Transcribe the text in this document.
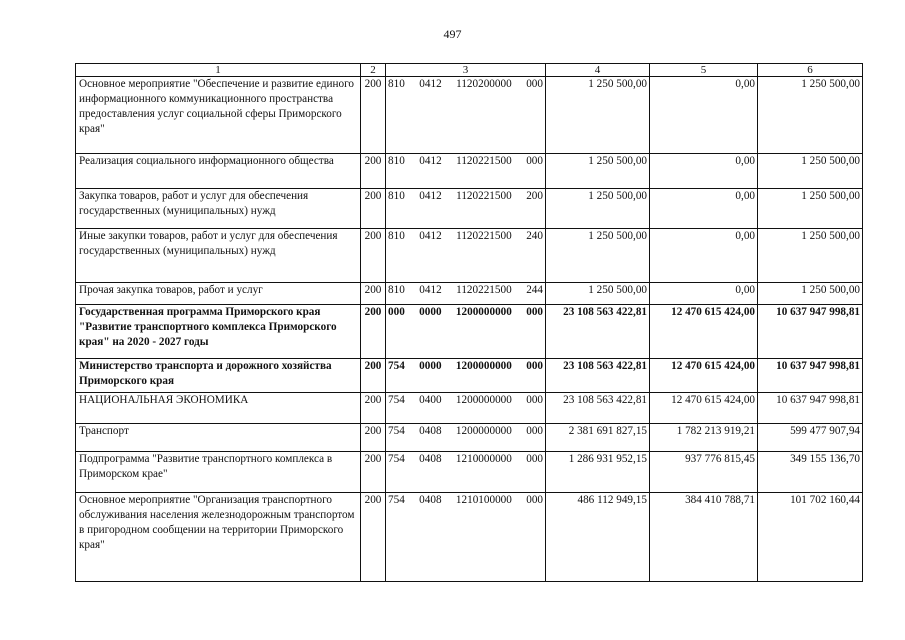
497
1	2	3	4	5	6
Основное мероприятие "Обеспечение и развитие единого информационного коммуникационного пространства предоставления услуг социальной сферы Приморского края"	200	810 0412 1120200000 000	1 250 500,00	0,00	1 250 500,00
Реализация социального информационного общества	200	810 0412 1120221500 000	1 250 500,00	0,00	1 250 500,00
Закупка товаров, работ и услуг для обеспечения государственных (муниципальных) нужд	200	810 0412 1120221500 200	1 250 500,00	0,00	1 250 500,00
Иные закупки товаров, работ и услуг для обеспечения государственных (муниципальных) нужд	200	810 0412 1120221500 240	1 250 500,00	0,00	1 250 500,00
Прочая закупка товаров, работ и услуг	200	810 0412 1120221500 244	1 250 500,00	0,00	1 250 500,00
Государственная программа Приморского края "Развитие транспортного комплекса Приморского края" на 2020 - 2027 годы	200	000 0000 1200000000 000	23 108 563 422,81	12 470 615 424,00	10 637 947 998,81
Министерство транспорта и дорожного хозяйства Приморского края	200	754 0000 1200000000 000	23 108 563 422,81	12 470 615 424,00	10 637 947 998,81
НАЦИОНАЛЬНАЯ ЭКОНОМИКА	200	754 0400 1200000000 000	23 108 563 422,81	12 470 615 424,00	10 637 947 998,81
Транспорт	200	754 0408 1200000000 000	2 381 691 827,15	1 782 213 919,21	599 477 907,94
Подпрограмма "Развитие транспортного комплекса в Приморском крае"	200	754 0408 1210000000 000	1 286 931 952,15	937 776 815,45	349 155 136,70
Основное мероприятие "Организация транспортного обслуживания населения железнодорожным транспортом в пригородном сообщении на территории Приморского края"	200	754 0408 1210100000 000	486 112 949,15	384 410 788,71	101 702 160,44
